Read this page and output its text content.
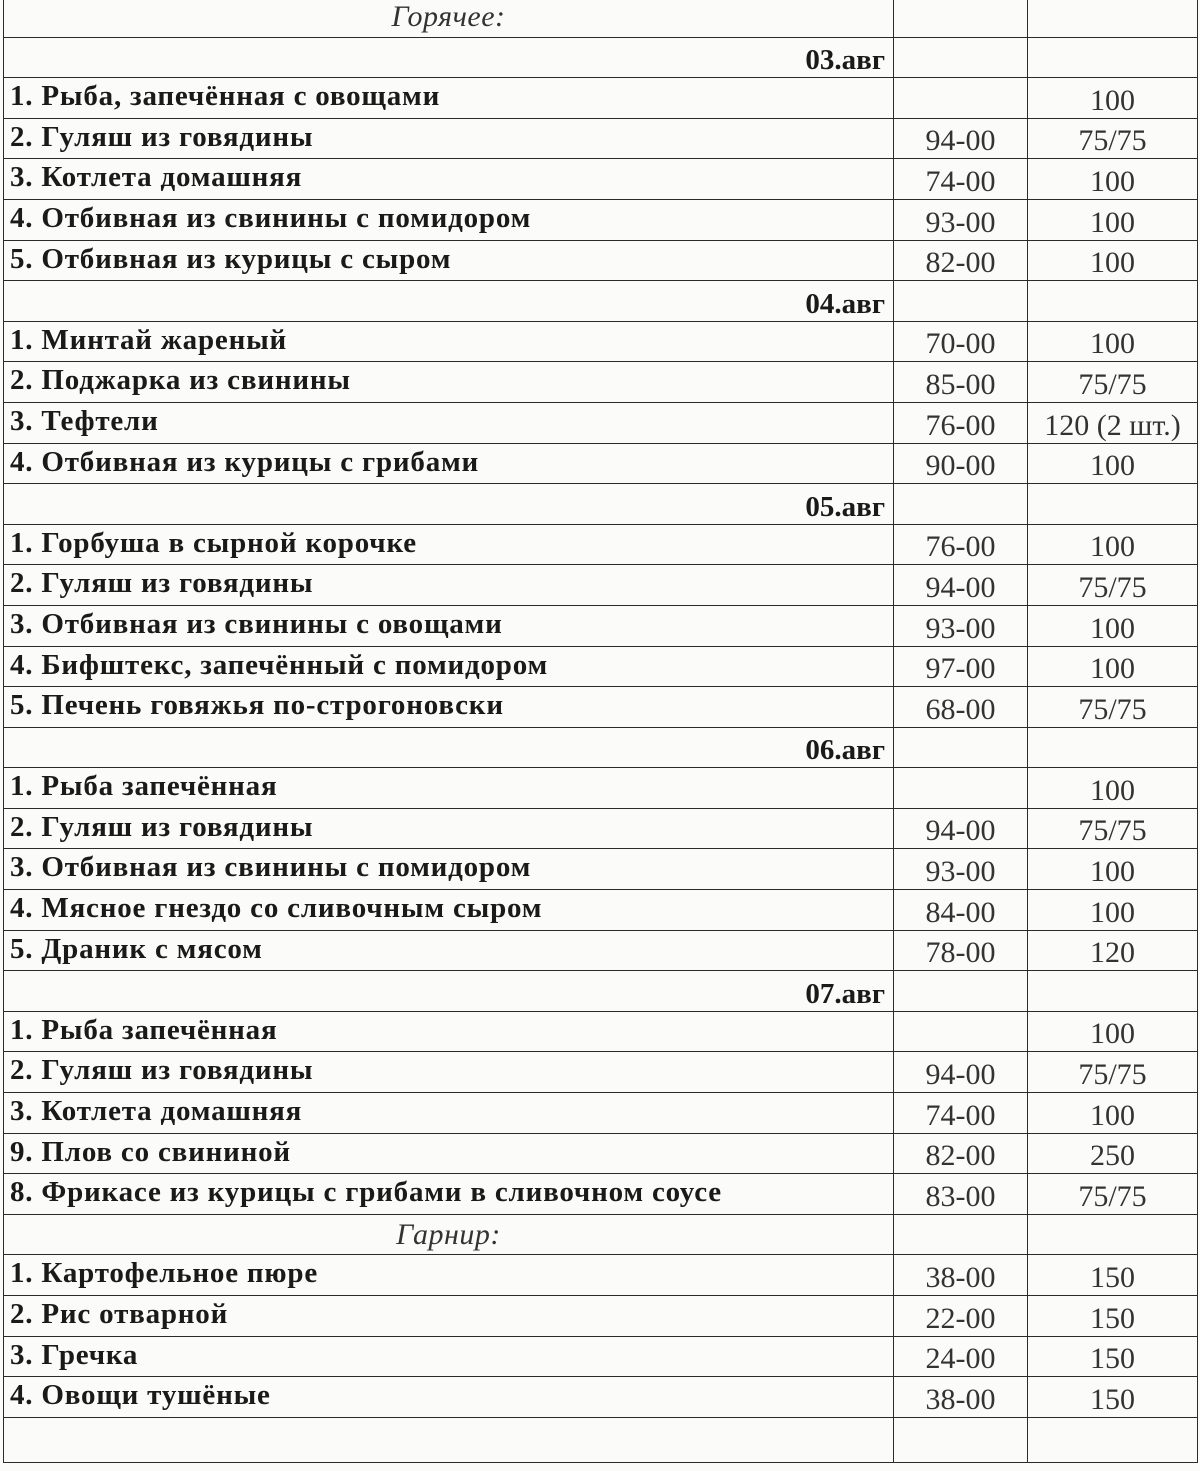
Горячее:		
03.авг		
1. Рыба, запечённая с овощами		100
2. Гуляш из говядины	94-00	75/75
3. Котлета домашняя	74-00	100
4. Отбивная из свинины с помидором	93-00	100
5. Отбивная из курицы с сыром	82-00	100
04.авг		
1. Минтай жареный	70-00	100
2. Поджарка из свинины	85-00	75/75
3. Тефтели	76-00	120 (2 шт.)
4. Отбивная из курицы с грибами	90-00	100
05.авг		
1. Горбуша в сырной корочке	76-00	100
2. Гуляш из говядины	94-00	75/75
3. Отбивная из свинины с овощами	93-00	100
4. Бифштекс, запечённый с помидором	97-00	100
5. Печень говяжья по-строгоновски	68-00	75/75
06.авг		
1. Рыба запечённая		100
2. Гуляш из говядины	94-00	75/75
3. Отбивная из свинины с помидором	93-00	100
4. Мясное гнездо со сливочным сыром	84-00	100
5. Драник с мясом	78-00	120
07.авг		
1. Рыба запечённая		100
2. Гуляш из говядины	94-00	75/75
3. Котлета домашняя	74-00	100
9. Плов со свининой	82-00	250
8. Фрикасе из курицы с грибами в сливочном соусе	83-00	75/75
Гарнир:		
1. Картофельное пюре	38-00	150
2. Рис отварной	22-00	150
3. Гречка	24-00	150
4. Овощи тушёные	38-00	150
